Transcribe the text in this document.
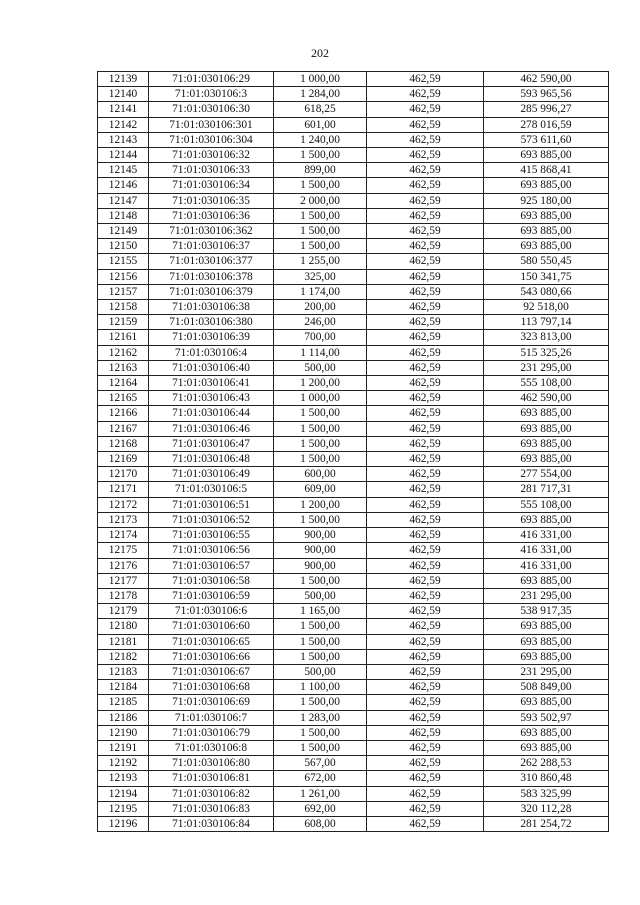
202
12139	71:01:030106:29	1 000,00	462,59	462 590,00
12140	71:01:030106:3	1 284,00	462,59	593 965,56
12141	71:01:030106:30	618,25	462,59	285 996,27
12142	71:01:030106:301	601,00	462,59	278 016,59
12143	71:01:030106:304	1 240,00	462,59	573 611,60
12144	71:01:030106:32	1 500,00	462,59	693 885,00
12145	71:01:030106:33	899,00	462,59	415 868,41
12146	71:01:030106:34	1 500,00	462,59	693 885,00
12147	71:01:030106:35	2 000,00	462,59	925 180,00
12148	71:01:030106:36	1 500,00	462,59	693 885,00
12149	71:01:030106:362	1 500,00	462,59	693 885,00
12150	71:01:030106:37	1 500,00	462,59	693 885,00
12155	71:01:030106:377	1 255,00	462,59	580 550,45
12156	71:01:030106:378	325,00	462,59	150 341,75
12157	71:01:030106:379	1 174,00	462,59	543 080,66
12158	71:01:030106:38	200,00	462,59	92 518,00
12159	71:01:030106:380	246,00	462,59	113 797,14
12161	71:01:030106:39	700,00	462,59	323 813,00
12162	71:01:030106:4	1 114,00	462,59	515 325,26
12163	71:01:030106:40	500,00	462,59	231 295,00
12164	71:01:030106:41	1 200,00	462,59	555 108,00
12165	71:01:030106:43	1 000,00	462,59	462 590,00
12166	71:01:030106:44	1 500,00	462,59	693 885,00
12167	71:01:030106:46	1 500,00	462,59	693 885,00
12168	71:01:030106:47	1 500,00	462,59	693 885,00
12169	71:01:030106:48	1 500,00	462,59	693 885,00
12170	71:01:030106:49	600,00	462,59	277 554,00
12171	71:01:030106:5	609,00	462,59	281 717,31
12172	71:01:030106:51	1 200,00	462,59	555 108,00
12173	71:01:030106:52	1 500,00	462,59	693 885,00
12174	71:01:030106:55	900,00	462,59	416 331,00
12175	71:01:030106:56	900,00	462,59	416 331,00
12176	71:01:030106:57	900,00	462,59	416 331,00
12177	71:01:030106:58	1 500,00	462,59	693 885,00
12178	71:01:030106:59	500,00	462,59	231 295,00
12179	71:01:030106:6	1 165,00	462,59	538 917,35
12180	71:01:030106:60	1 500,00	462,59	693 885,00
12181	71:01:030106:65	1 500,00	462,59	693 885,00
12182	71:01:030106:66	1 500,00	462,59	693 885,00
12183	71:01:030106:67	500,00	462,59	231 295,00
12184	71:01:030106:68	1 100,00	462,59	508 849,00
12185	71:01:030106:69	1 500,00	462,59	693 885,00
12186	71:01:030106:7	1 283,00	462,59	593 502,97
12190	71:01:030106:79	1 500,00	462,59	693 885,00
12191	71:01:030106:8	1 500,00	462,59	693 885,00
12192	71:01:030106:80	567,00	462,59	262 288,53
12193	71:01:030106:81	672,00	462,59	310 860,48
12194	71:01:030106:82	1 261,00	462,59	583 325,99
12195	71:01:030106:83	692,00	462,59	320 112,28
12196	71:01:030106:84	608,00	462,59	281 254,72
